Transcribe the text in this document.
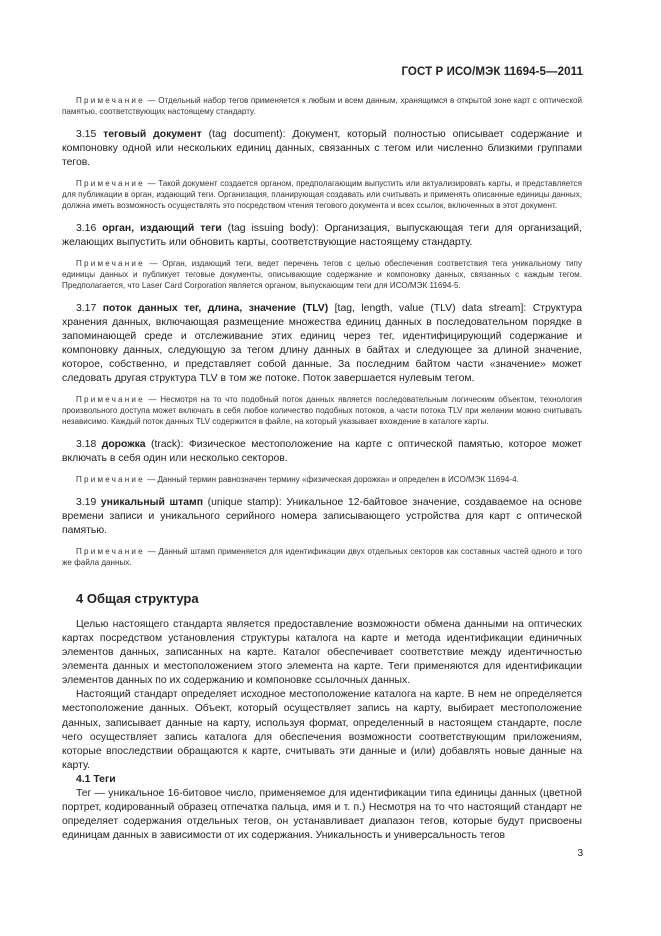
ГОСТ Р ИСО/МЭК 11694-5—2011

Примечание — Отдельный набор тегов применяется к любым и всем данным, хранящимся в открытой зоне карт с оптической памятью, соответствующих настоящему стандарту.

3.15 теговый документ (tag document): Документ, который полностью описывает содержание и компоновку одной или нескольких единиц данных, связанных с тегом или численно близкими группами тегов.

Примечание — Такой документ создается органом, предполагающим выпустить или актуализировать карты, и представляется для публикации в орган, издающий теги. Организация, планирующая создавать или считывать и применять описанные единицы данных, должна иметь возможность осуществлять это посредством чтения тегового документа и всех ссылок, включенных в этот документ.

3.16 орган, издающий теги (tag issuing body): Организация, выпускающая теги для организаций, желающих выпустить или обновить карты, соответствующие настоящему стандарту.

Примечание — Орган, издающий теги, ведет перечень тегов с целью обеспечения соответствия тега уникальному типу единицы данных и публикует теговые документы, описывающие содержание и компоновку данных, связанных с каждым тегом. Предполагается, что Laser Card Corporation является органом, выпускающим теги для ИСО/МЭК 11694-5.

3.17 поток данных тег, длина, значение (TLV) [tag, length, value (TLV) data stream]: Структура хранения данных, включающая размещение множества единиц данных в последовательном порядке в запоминающей среде и отслеживание этих единиц через тег, идентифицирующий содержание и компоновку данных, следующую за тегом длину данных в байтах и следующее за длиной значение, которое, собственно, и представляет собой данные. За последним байтом части «значение» может следовать другая структура TLV в том же потоке. Поток завершается нулевым тегом.

Примечание — Несмотря на то что подобный поток данных является последовательным логическим объектом, технология произвольного доступа может включать в себя любое количество подобных потоков, а части потока TLV при желании можно считывать независимо. Каждый поток данных TLV содержится в файле, на который указывает вхождение в каталоге карты.

3.18 дорожка (track): Физическое местоположение на карте с оптической памятью, которое может включать в себя один или несколько секторов.

Примечание — Данный термин равнозначен термину «физическая дорожка» и определен в ИСО/МЭК 11694-4.

3.19 уникальный штамп (unique stamp): Уникальное 12-байтовое значение, создаваемое на основе времени записи и уникального серийного номера записывающего устройства для карт с оптической памятью.

Примечание — Данный штамп применяется для идентификации двух отдельных секторов как составных частей одного и того же файла данных.

4 Общая структура

Целью настоящего стандарта является предоставление возможности обмена данными на оптических картах посредством установления структуры каталога на карте и метода идентификации единичных элементов данных, записанных на карте. Каталог обеспечивает соответствие между идентичностью элемента данных и местоположением этого элемента на карте. Теги применяются для идентификации элементов данных по их содержанию и компоновке ссылочных данных.

Настоящий стандарт определяет исходное местоположение каталога на карте. В нем не определяется местоположение данных. Объект, который осуществляет запись на карту, выбирает местоположение данных, записывает данные на карту, используя формат, определенный в настоящем стандарте, после чего осуществляет запись каталога для обеспечения возможности соответствующим приложениям, которые впоследствии обращаются к карте, считывать эти данные и (или) добавлять новые данные на карту.

4.1 Теги

Тег — уникальное 16-битовое число, применяемое для идентификации типа единицы данных (цветной портрет, кодированный образец отпечатка пальца, имя и т. п.) Несмотря на то что настоящий стандарт не определяет содержания отдельных тегов, он устанавливает диапазон тегов, которые будут присвоены единицам данных в зависимости от их содержания. Уникальность и универсальность тегов

3
